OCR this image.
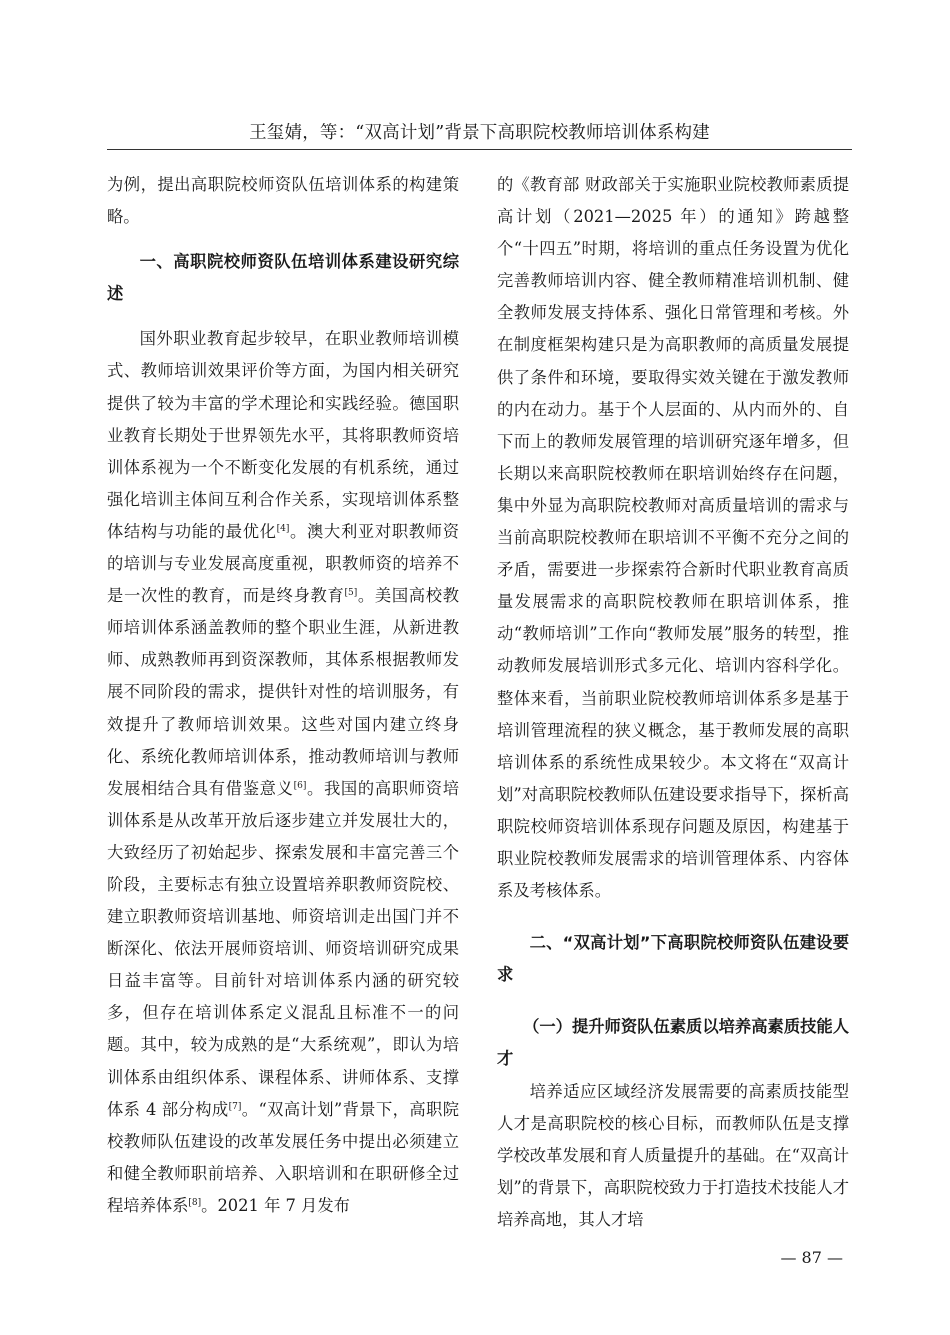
王玺婧，等：“双高计划”背景下高职院校教师培训体系构建

为例，提出高职院校师资队伍培训体系的构建策略。

一、高职院校师资队伍培训体系建设研究综述

国外职业教育起步较早，在职业教师培训模式、教师培训效果评价等方面，为国内相关研究提供了较为丰富的学术理论和实践经验。德国职业教育长期处于世界领先水平，其将职教师资培训体系视为一个不断变化发展的有机系统，通过强化培训主体间互利合作关系，实现培训体系整体结构与功能的最优化[4]。澳大利亚对职教师资的培训与专业发展高度重视，职教师资的培养不是一次性的教育，而是终身教育[5]。美国高校教师培训体系涵盖教师的整个职业生涯，从新进教师、成熟教师再到资深教师，其体系根据教师发展不同阶段的需求，提供针对性的培训服务，有效提升了教师培训效果。这些对国内建立终身化、系统化教师培训体系，推动教师培训与教师发展相结合具有借鉴意义[6]。我国的高职师资培训体系是从改革开放后逐步建立并发展壮大的，大致经历了初始起步、探索发展和丰富完善三个阶段，主要标志有独立设置培养职教师资院校、建立职教师资培训基地、师资培训走出国门并不断深化、依法开展师资培训、师资培训研究成果日益丰富等。目前针对培训体系内涵的研究较多，但存在培训体系定义混乱且标准不一的问题。其中，较为成熟的是“大系统观”，即认为培训体系由组织体系、课程体系、讲师体系、支撑体系 4 部分构成[7]。“双高计划”背景下，高职院校教师队伍建设的改革发展任务中提出必须建立和健全教师职前培养、入职培训和在职研修全过程培养体系[8]。2021 年 7 月发布

的《教育部 财政部关于实施职业院校教师素质提高计划（2021—2025 年）的通知》跨越整个“十四五”时期，将培训的重点任务设置为优化完善教师培训内容、健全教师精准培训机制、健全教师发展支持体系、强化日常管理和考核。外在制度框架构建只是为高职教师的高质量发展提供了条件和环境，要取得实效关键在于激发教师的内在动力。基于个人层面的、从内而外的、自下而上的教师发展管理的培训研究逐年增多，但长期以来高职院校教师在职培训始终存在问题，集中外显为高职院校教师对高质量培训的需求与当前高职院校教师在职培训不平衡不充分之间的矛盾，需要进一步探索符合新时代职业教育高质量发展需求的高职院校教师在职培训体系，推动“教师培训”工作向“教师发展”服务的转型，推动教师发展培训形式多元化、培训内容科学化。整体来看，当前职业院校教师培训体系多是基于培训管理流程的狭义概念，基于教师发展的高职培训体系的系统性成果较少。本文将在“双高计划”对高职院校教师队伍建设要求指导下，探析高职院校师资培训体系现存问题及原因，构建基于职业院校教师发展需求的培训管理体系、内容体系及考核体系。

二、“双高计划”下高职院校师资队伍建设要求

（一）提升师资队伍素质以培养高素质技能人才

培养适应区域经济发展需要的高素质技能型人才是高职院校的核心目标，而教师队伍是支撑学校改革发展和育人质量提升的基础。在“双高计划”的背景下，高职院校致力于打造技术技能人才培养高地，其人才培

— 87 —
